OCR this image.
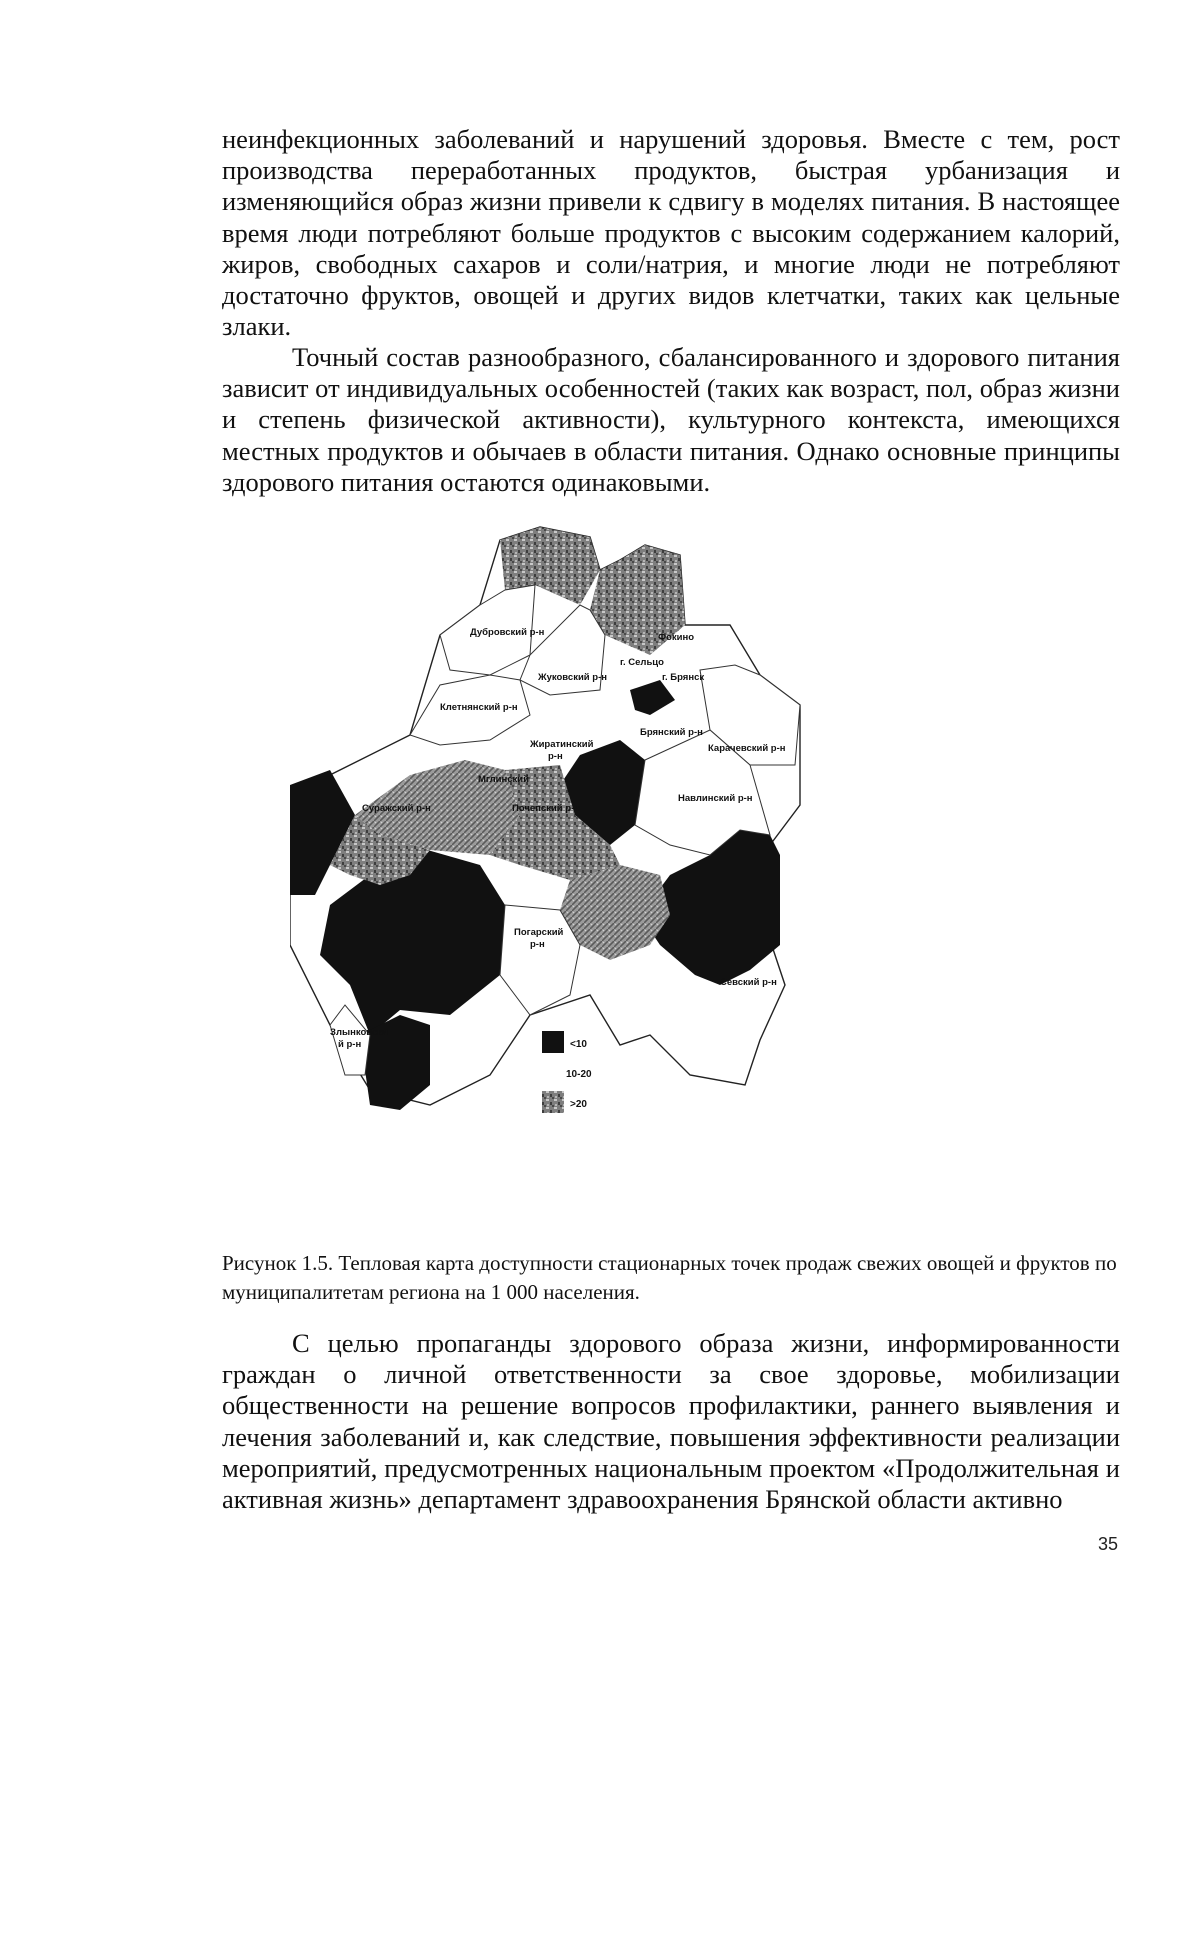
неинфекционных заболеваний и нарушений здоровья. Вместе с тем, рост производства переработанных продуктов, быстрая урбанизация и изменяющийся образ жизни привели к сдвигу в моделях питания. В настоящее время люди потребляют больше продуктов с высоким содержанием калорий, жиров, свободных сахаров и соли/натрия, и многие люди не потребляют достаточно фруктов, овощей и других видов клетчатки, таких как цельные злаки.

Точный состав разнообразного, сбалансированного и здорового питания зависит от индивидуальных особенностей (таких как возраст, пол, образ жизни и степень физической активности), культурного контекста, имеющихся местных продуктов и обычаев в области питания. Однако основные принципы здорового питания остаются одинаковыми.

Дубровский р-н	Фокино
г. Сельцо
Жуковский р-н	г. Брянск
Клетнянский р-н
Брянский р-н
Жиратинский
р-н
Карачевский р-н
Мглинский
Суражский р-н	Почепский р-н
Навлинский р-н
Погарский
р-н
Севский р-н
Злынковски
й р-н	<10
10-20
>20

Рисунок 1.5. Тепловая карта доступности стационарных точек продаж свежих овощей и фруктов по муниципалитетам региона на 1 000 населения.

С целью пропаганды здорового образа жизни, информированности граждан о личной ответственности за свое здоровье, мобилизации общественности на решение вопросов профилактики, раннего выявления и лечения заболеваний и, как следствие, повышения эффективности реализации мероприятий, предусмотренных национальным проектом «Продолжительная и активная жизнь» департамент здравоохранения Брянской области активно

35
